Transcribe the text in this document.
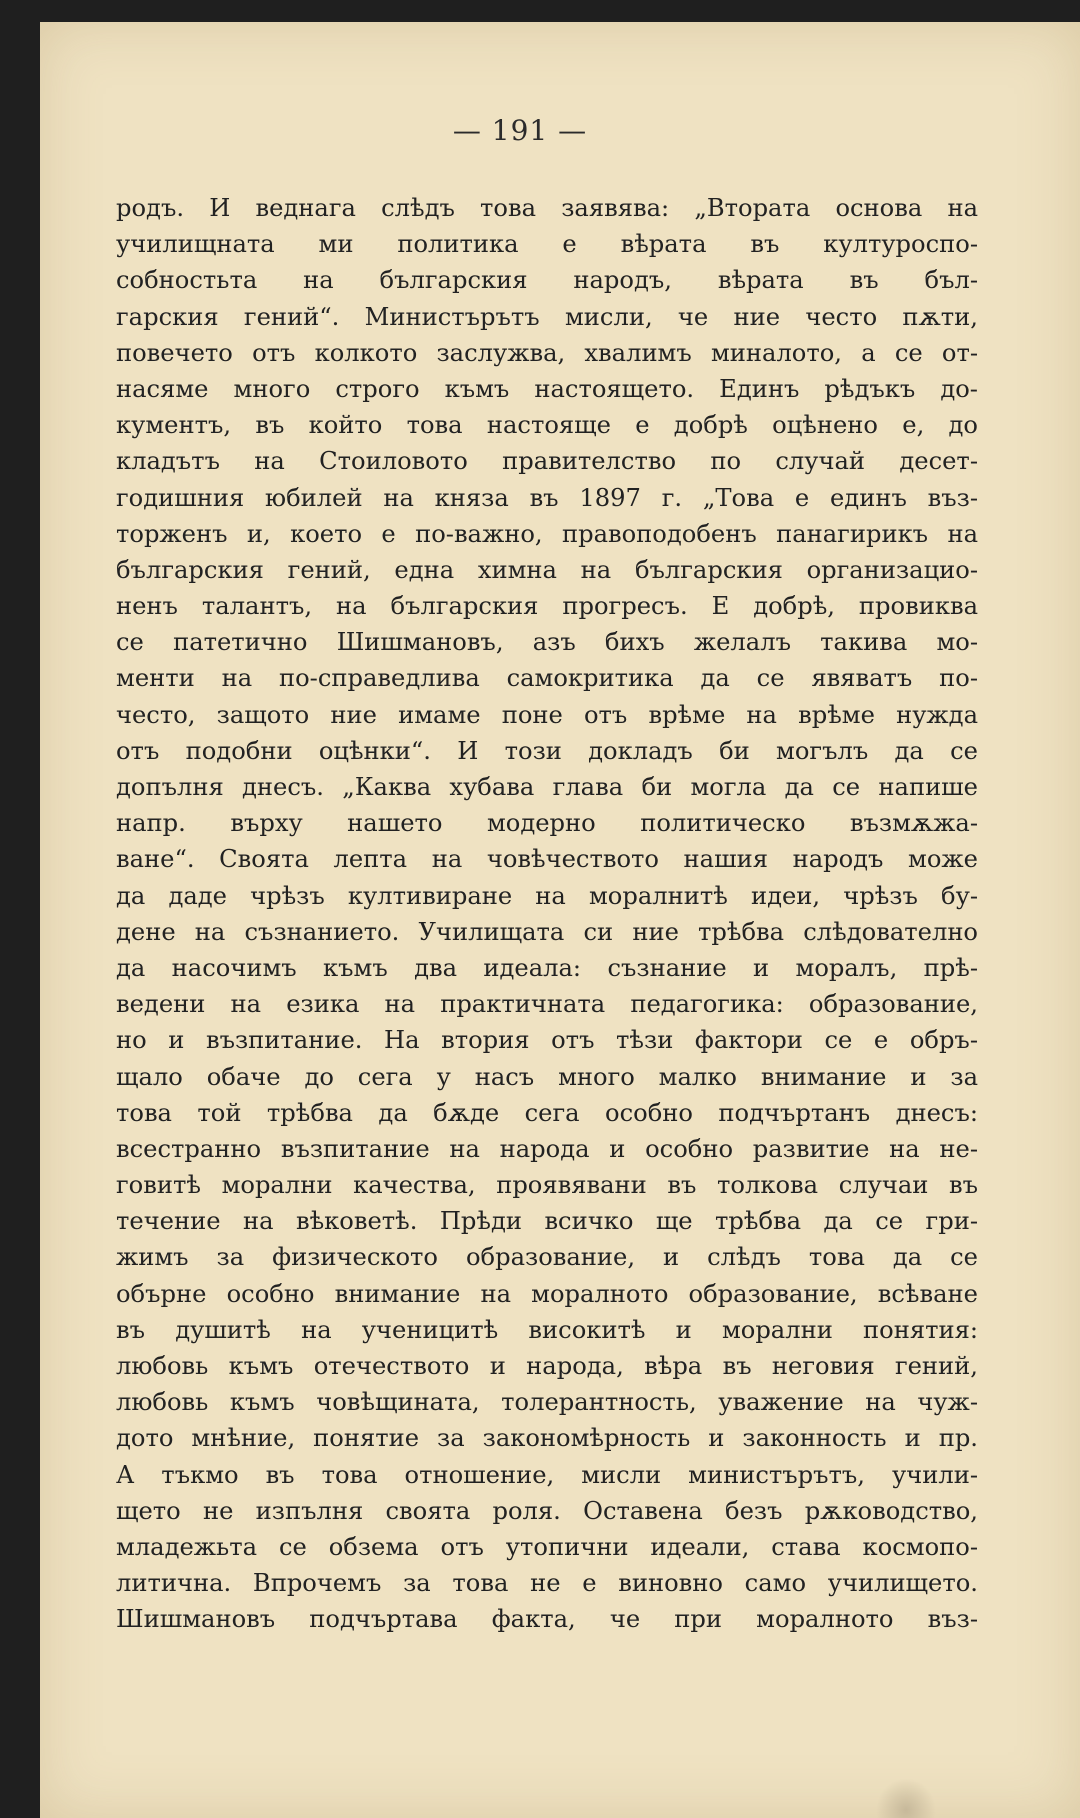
— 191 —
родъ. И веднага слѣдъ това заявява: „Втората основа на
училищната ми политика е вѣрата въ културоспо-
собностьта на българския народъ, вѣрата въ бъл-
гарския гений“. Министърътъ мисли, че ние често пѫти,
повечето отъ колкото заслужва, хвалимъ миналото, а се от-
насяме много строго къмъ настоящето. Единъ рѣдъкъ до-
кументъ, въ който това настояще е добрѣ оцѣнено е, до
кладътъ на Стоиловото правителство по случай десет-
годишния юбилей на княза въ 1897 г. „Това е единъ въз-
торженъ и, което е по-важно, правоподобенъ панагирикъ на
българския гений, една химна на българския организацио-
ненъ талантъ, на българския прогресъ. Е добрѣ, провиква
се патетично Шишмановъ, азъ бихъ желалъ такива мо-
менти на по-справедлива самокритика да се явяватъ по-
често, защото ние имаме поне отъ врѣме на врѣме нужда
отъ подобни оцѣнки“. И този докладъ би могълъ да се
допълня днесъ. „Каква хубава глава би могла да се напише
напр. върху нашето модерно политическо възмѫжа-
ване“. Своята лепта на човѣчеството нашия народъ може
да даде чрѣзъ култивиране на моралнитѣ идеи, чрѣзъ бу-
дене на съзнанието. Училищата си ние трѣбва слѣдователно
да насочимъ къмъ два идеала: съзнание и моралъ, прѣ-
ведени на езика на практичната педагогика: образование,
но и възпитание. На втория отъ тѣзи фактори се е обръ-
щало обаче до сега у насъ много малко внимание и за
това той трѣбва да бѫде сега особно подчъртанъ днесъ:
всестранно възпитание на народа и особно развитие на не-
говитѣ морални качества, проявявани въ толкова случаи въ
течение на вѣковетѣ. Прѣди всичко ще трѣбва да се гри-
жимъ за физическото образование, и слѣдъ това да се
обърне особно внимание на моралното образование, всѣване
въ душитѣ на ученицитѣ високитѣ и морални понятия:
любовь къмъ отечеството и народа, вѣра въ неговия гений,
любовь къмъ човѣщината, толерантность, уважение на чуж-
дото мнѣние, понятие за закономѣрность и законность и пр.
А тъкмо въ това отношение, мисли министърътъ, учили-
щето не изпълня своята роля. Оставена безъ рѫководство,
младежьта се обзема отъ утопични идеали, става космопо-
литична. Впрочемъ за това не е виновно само училището.
Шишмановъ подчъртава факта, че при моралното въз-
